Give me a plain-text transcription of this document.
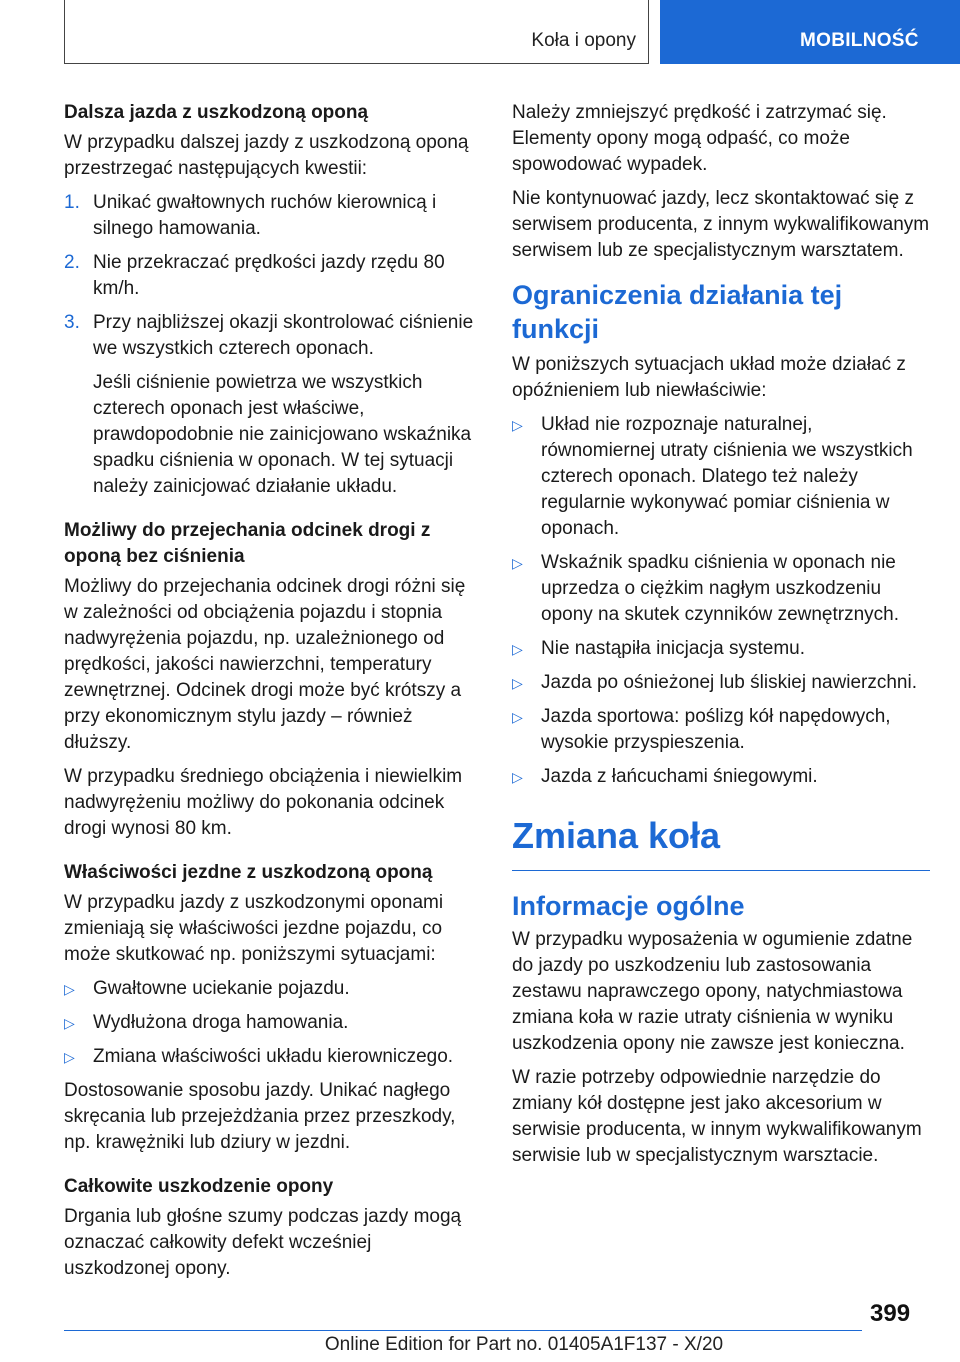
Koła i opony	MOBILNOŚĆ
Dalsza jazda z uszkodzoną oponą

W przypadku dalszej jazdy z uszkodzoną oponą przestrzegać następujących kwestii:

1. Unikać gwałtownych ruchów kierownicą i silnego hamowania.
2. Nie przekraczać prędkości jazdy rzędu 80 km/h.
3. Przy najbliższej okazji skontrolować ciśnienie we wszystkich czterech oponach.
Jeśli ciśnienie powietrza we wszystkich czterech oponach jest właściwe, prawdopodobnie nie zainicjowano wskaźnika spadku ciśnienia w oponach. W tej sytuacji należy zainicjować działanie układu.
Możliwy do przejechania odcinek drogi z oponą bez ciśnienia

Możliwy do przejechania odcinek drogi różni się w zależności od obciążenia pojazdu i stopnia nadwyrężenia pojazdu, np. uzależnionego od prędkości, jakości nawierzchni, temperatury zewnętrznej. Odcinek drogi może być krótszy a przy ekonomicznym stylu jazdy – również dłuższy.

W przypadku średniego obciążenia i niewielkim nadwyrężeniu możliwy do pokonania odcinek drogi wynosi 80 km.

Właściwości jezdne z uszkodzoną oponą

W przypadku jazdy z uszkodzonymi oponami zmieniają się właściwości jezdne pojazdu, co może skutkować np. poniższymi sytuacjami:

▷ Gwałtowne uciekanie pojazdu.
▷ Wydłużona droga hamowania.
▷ Zmiana właściwości układu kierowniczego.

Dostosowanie sposobu jazdy. Unikać nagłego skręcania lub przejeżdżania przez przeszkody, np. krawężniki lub dziury w jezdni.

Całkowite uszkodzenie opony

Drgania lub głośne szumy podczas jazdy mogą oznaczać całkowity defekt wcześniej uszkodzonej opony.

Należy zmniejszyć prędkość i zatrzymać się. Elementy opony mogą odpaść, co może spowodować wypadek.

Nie kontynuować jazdy, lecz skontaktować się z serwisem producenta, z innym wykwalifikowanym serwisem lub ze specjalistycznym warsztatem.

Ograniczenia działania tej funkcji

W poniższych sytuacjach układ może działać z opóźnieniem lub niewłaściwie:

▷ Układ nie rozpoznaje naturalnej, równomiernej utraty ciśnienia we wszystkich czterech oponach. Dlatego też należy regularnie wykonywać pomiar ciśnienia w oponach.
▷ Wskaźnik spadku ciśnienia w oponach nie uprzedza o ciężkim nagłym uszkodzeniu opony na skutek czynników zewnętrznych.
▷ Nie nastąpiła inicjacja systemu.
▷ Jazda po ośnieżonej lub śliskiej nawierzchni.
▷ Jazda sportowa: poślizg kół napędowych, wysokie przyspieszenia.
▷ Jazda z łańcuchami śniegowymi.
Zmiana koła
Informacje ogólne

W przypadku wyposażenia w ogumienie zdatne do jazdy po uszkodzeniu lub zastosowania zestawu naprawczego opony, natychmiastowa zmiana koła w razie utraty ciśnienia w wyniku uszkodzenia opony nie zawsze jest konieczna.

W razie potrzeby odpowiednie narzędzie do zmiany kół dostępne jest jako akcesorium w serwisie producenta, w innym wykwalifikowanym serwisie lub w specjalistycznym warsztacie.

399
Online Edition for Part no. 01405A1F137 - X/20
